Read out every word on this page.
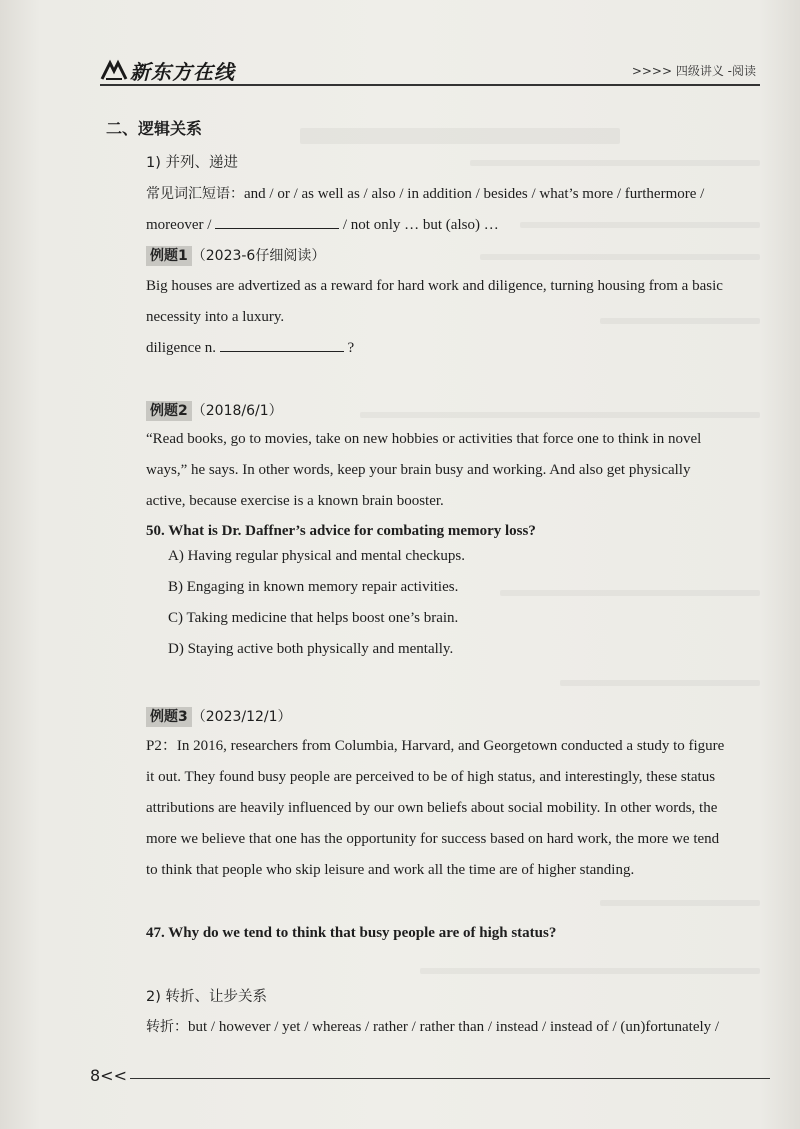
新东方在线	>>>> 四级讲义 -阅读
二、逻辑关系
1) 并列、递进
常见词汇短语：and / or / as well as / also / in addition / besides / what’s more / furthermore /
moreover /	/ not only … but (also) …
例题1 （2023-6仔细阅读）
Big houses are advertized as a reward for hard work and diligence, turning housing from a basic
necessity into a luxury.
diligence n.	?
例题2 （2018/6/1）
“Read books, go to movies, take on new hobbies or activities that force one to think in novel
ways,” he says. In other words, keep your brain busy and working. And also get physically
active, because exercise is a known brain booster.
50. What is Dr. Daffner’s advice for combating memory loss?
A) Having regular physical and mental checkups.
B) Engaging in known memory repair activities.
C) Taking medicine that helps boost one’s brain.
D) Staying active both physically and mentally.
例题3 （2023/12/1）
P2：In 2016, researchers from Columbia, Harvard, and Georgetown conducted a study to figure
it out. They found busy people are perceived to be of high status, and interestingly, these status
attributions are heavily influenced by our own beliefs about social mobility. In other words, the
more we believe that one has the opportunity for success based on hard work, the more we tend
to think that people who skip leisure and work all the time are of higher standing.
47. Why do we tend to think that busy people are of high status?
2) 转折、让步关系
转折：but / however / yet / whereas / rather / rather than / instead / instead of / (un)fortunately /
8<<
